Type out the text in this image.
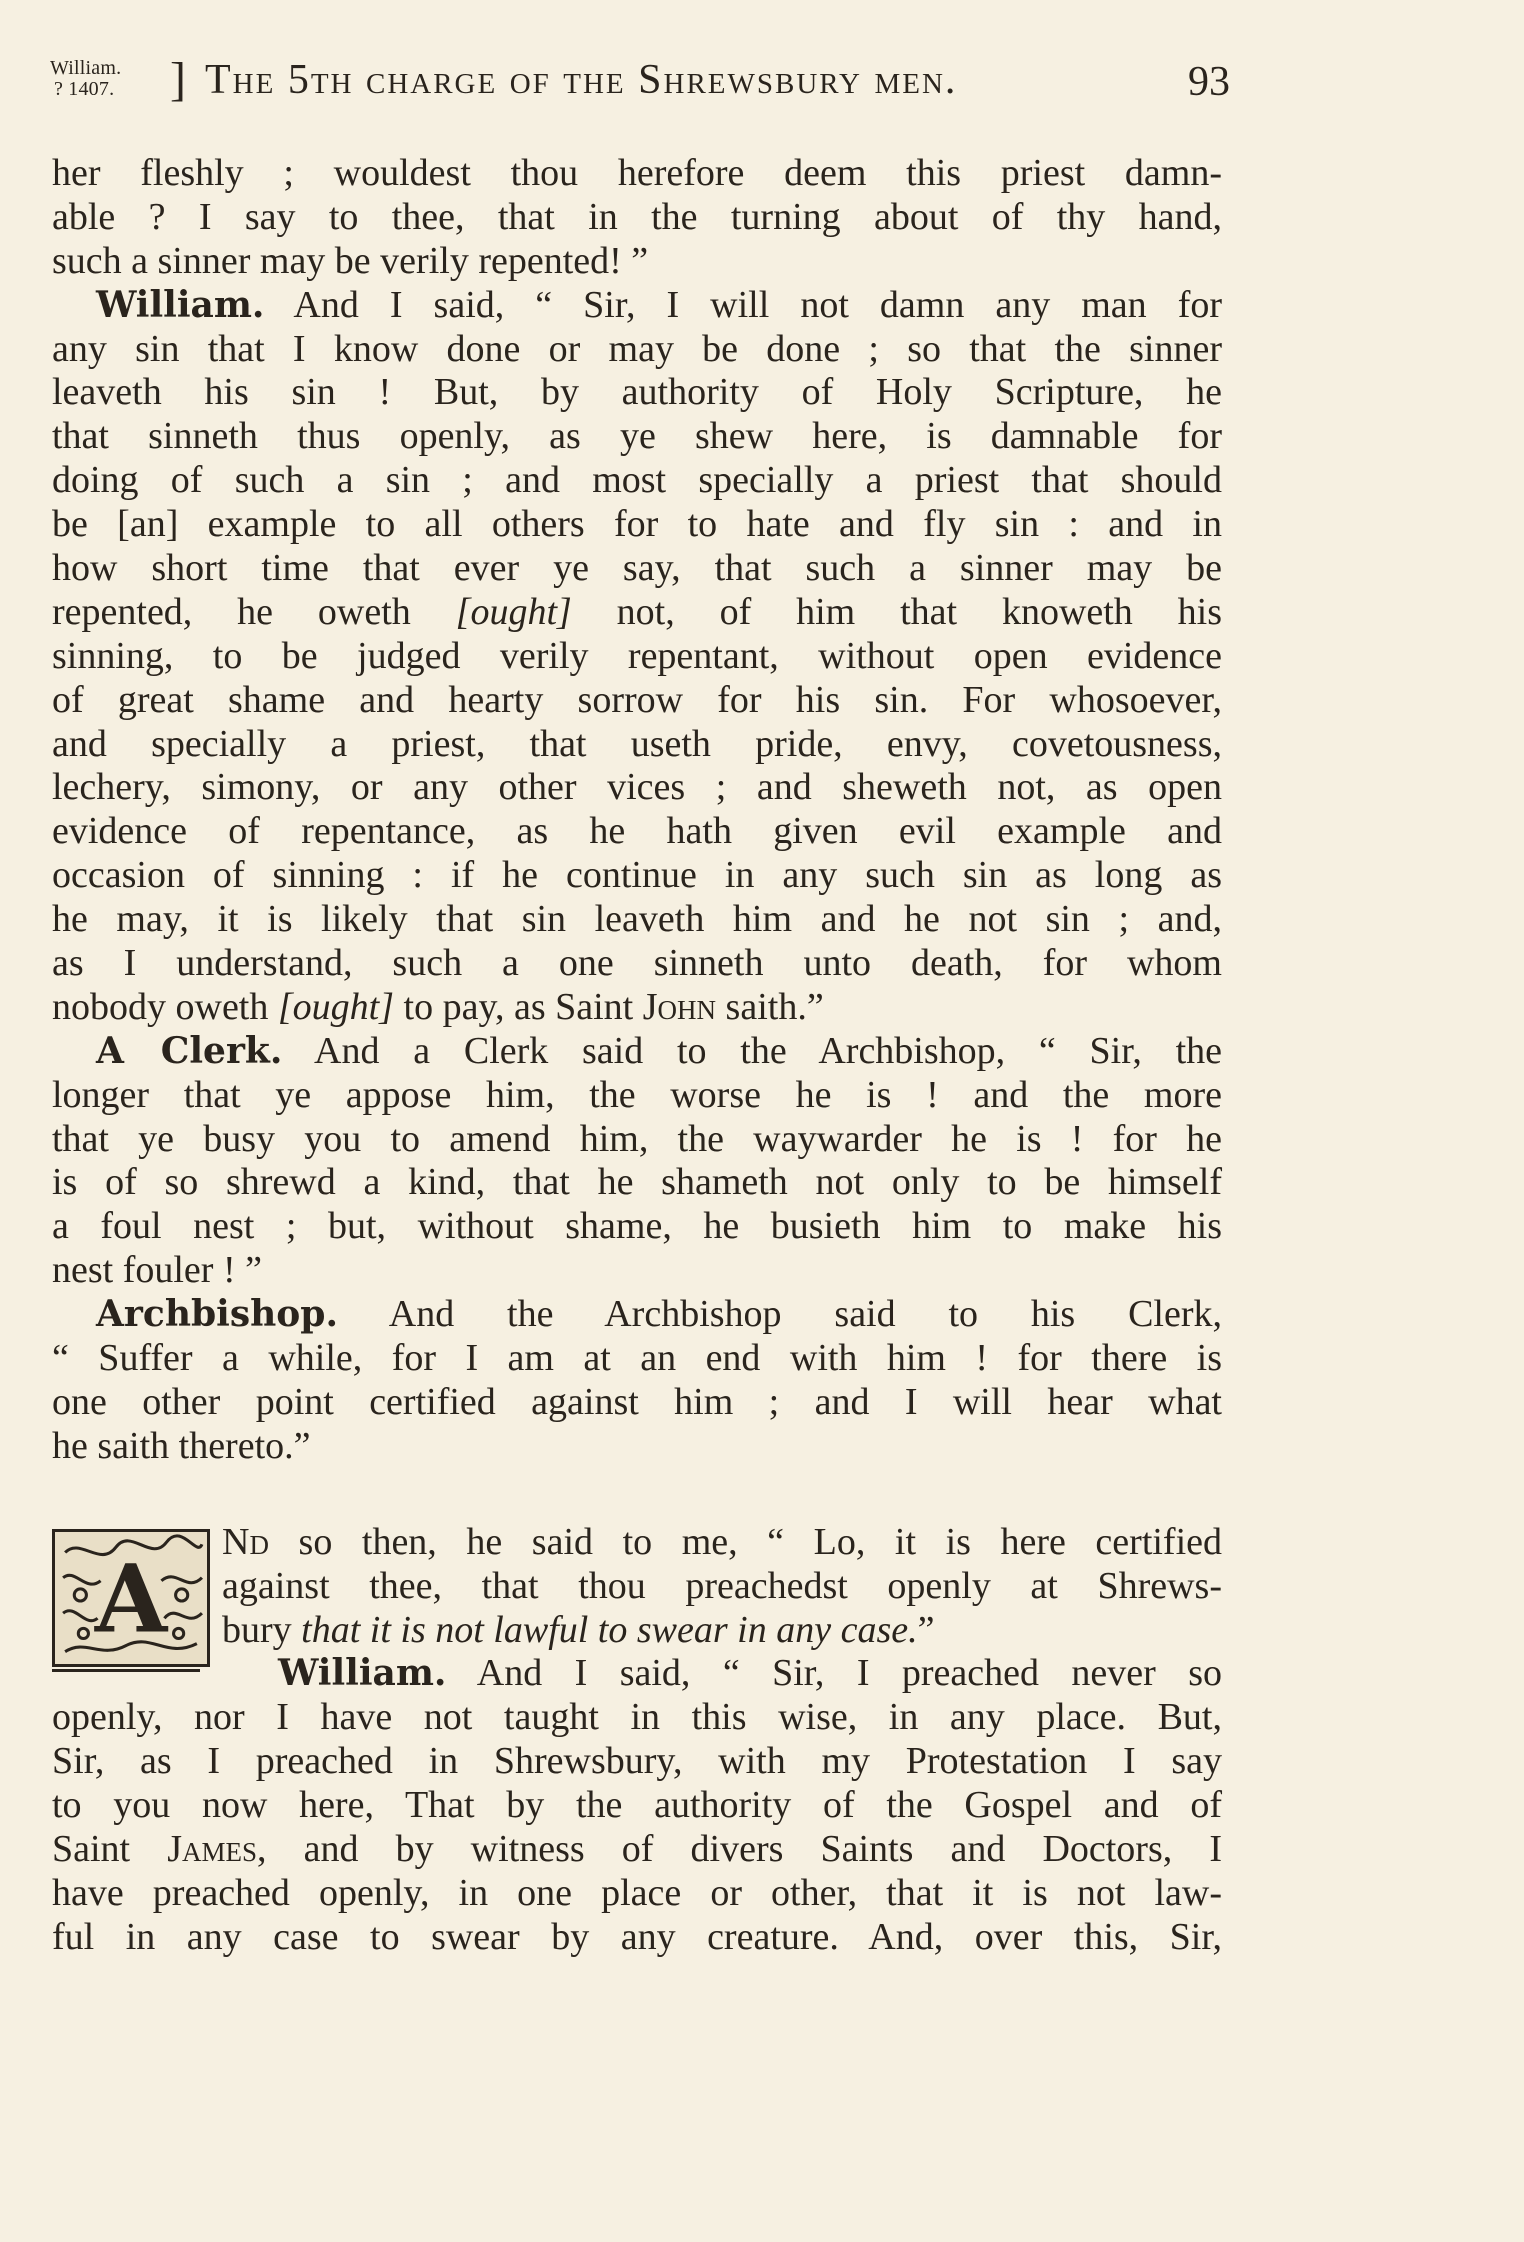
William.
? 1407. ] The 5th charge of the Shrewsbury men.	93
her fleshly ; wouldest thou herefore deem this priest damn-
able ? I say to thee, that in the turning about of thy hand,
such a sinner may be verily repented! ”
William. And I said, “ Sir, I will not damn any man for
any sin that I know done or may be done ; so that the sinner
leaveth his sin ! But, by authority of Holy Scripture, he
that sinneth thus openly, as ye shew here, is damnable for
doing of such a sin ; and most specially a priest that should
be [an] example to all others for to hate and fly sin : and in
how short time that ever ye say, that such a sinner may be
repented, he oweth [ought] not, of him that knoweth his
sinning, to be judged verily repentant, without open evidence
of great shame and hearty sorrow for his sin. For whosoever,
and specially a priest, that useth pride, envy, covetousness,
lechery, simony, or any other vices ; and sheweth not, as open
evidence of repentance, as he hath given evil example and
occasion of sinning : if he continue in any such sin as long as
he may, it is likely that sin leaveth him and he not sin ; and,
as I understand, such a one sinneth unto death, for whom
nobody oweth [ought] to pay, as Saint John saith.”
A Clerk. And a Clerk said to the Archbishop, “ Sir, the
longer that ye appose him, the worse he is ! and the more
that ye busy you to amend him, the waywarder he is ! for he
is of so shrewd a kind, that he shameth not only to be himself
a foul nest ; but, without shame, he busieth him to make his
nest fouler ! ”
Archbishop. And the Archbishop said to his Clerk,
“ Suffer a while, for I am at an end with him ! for there is
one other point certified against him ; and I will hear what
he saith thereto.”
A
Nd so then, he said to me, “ Lo, it is here certified
against thee, that thou preachedst openly at Shrews-
bury that it is not lawful to swear in any case.”
William. And I said, “ Sir, I preached never so
openly, nor I have not taught in this wise, in any place. But,
Sir, as I preached in Shrewsbury, with my Protestation I say
to you now here, That by the authority of the Gospel and of
Saint James, and by witness of divers Saints and Doctors, I
have preached openly, in one place or other, that it is not law-
ful in any case to swear by any creature. And, over this, Sir,
